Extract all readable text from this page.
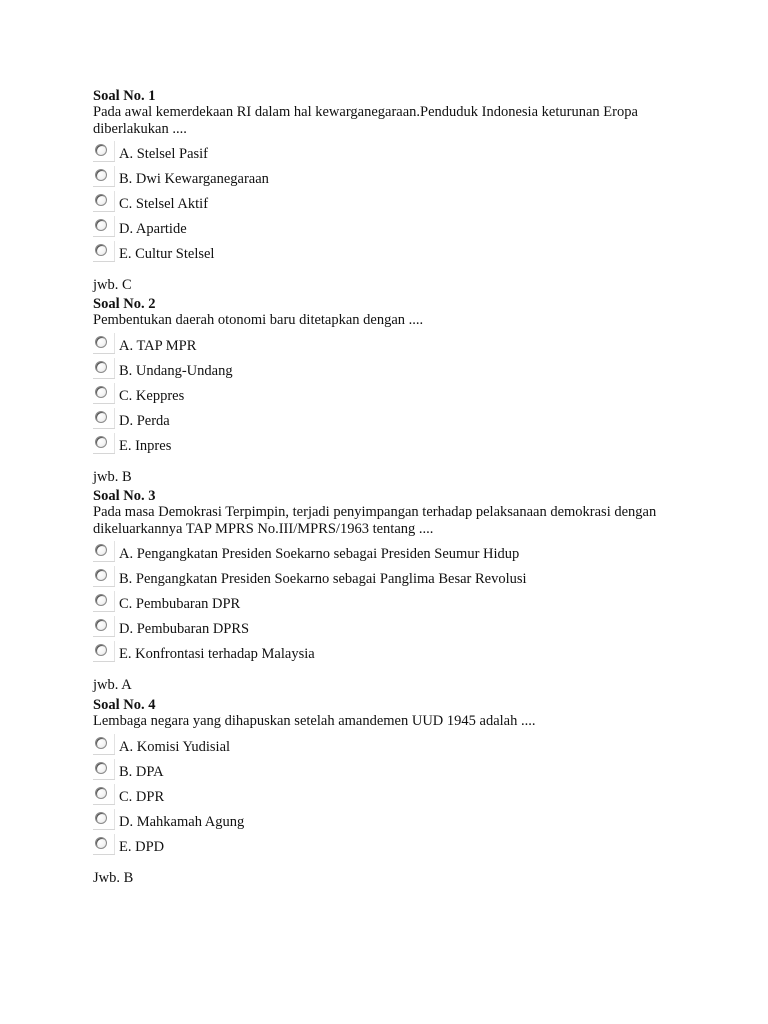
Soal No. 1
Pada awal kemerdekaan RI dalam hal kewarganegaraan.Penduduk Indonesia keturunan Eropa diberlakukan ....
A. Stelsel Pasif
B. Dwi Kewarganegaraan
C. Stelsel Aktif
D. Apartide
E. Cultur Stelsel
jwb. C
Soal No. 2
Pembentukan daerah otonomi baru ditetapkan dengan ....
A. TAP MPR
B. Undang-Undang
C. Keppres
D. Perda
E. Inpres
jwb. B
Soal No. 3
Pada masa Demokrasi Terpimpin, terjadi penyimpangan terhadap pelaksanaan demokrasi dengan dikeluarkannya TAP MPRS No.III/MPRS/1963 tentang ....
A. Pengangkatan Presiden Soekarno sebagai Presiden Seumur Hidup
B. Pengangkatan Presiden Soekarno sebagai Panglima Besar Revolusi
C. Pembubaran DPR
D. Pembubaran DPRS
E. Konfrontasi terhadap Malaysia
jwb. A
Soal No. 4
Lembaga negara yang dihapuskan setelah amandemen UUD 1945 adalah ....
A. Komisi Yudisial
B. DPA
C. DPR
D. Mahkamah Agung
E. DPD
Jwb. B
